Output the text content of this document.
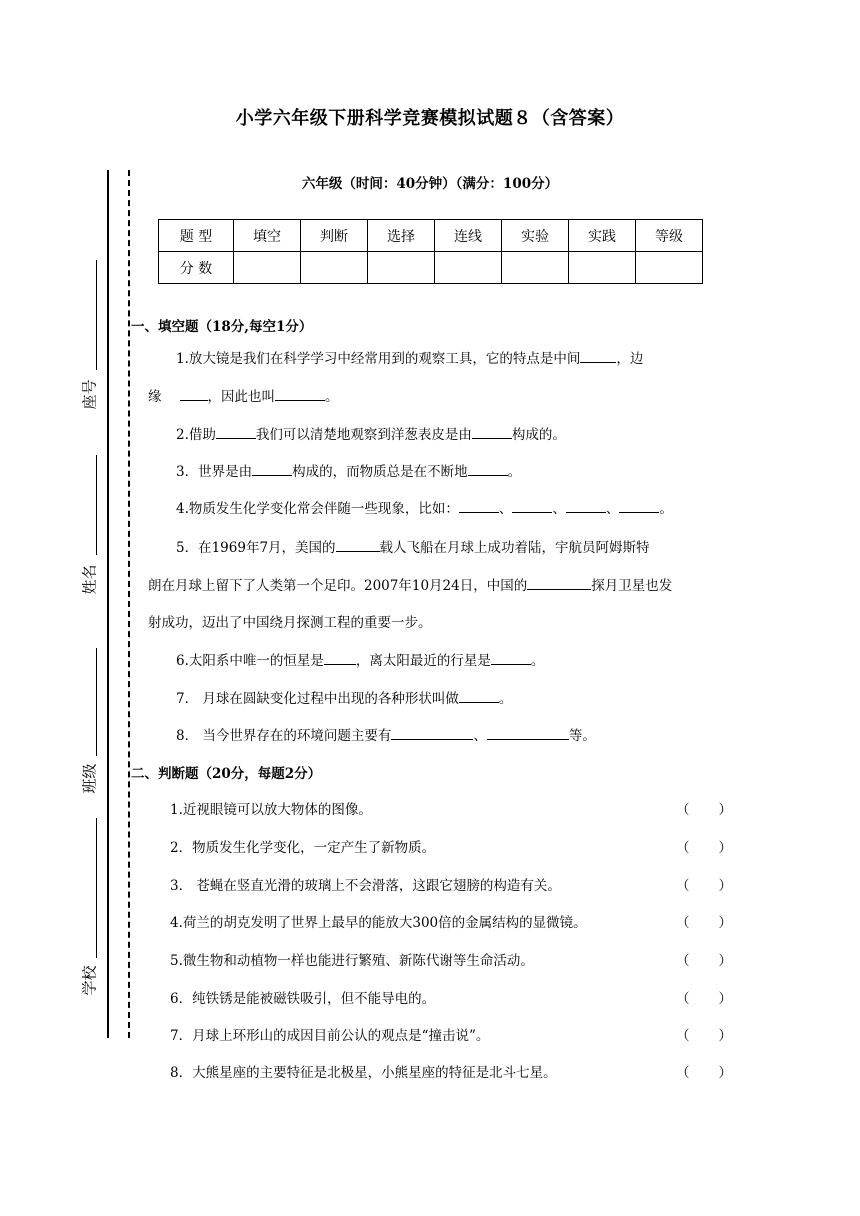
小学六年级下册科学竞赛模拟试题８（含答案）
座号
姓名
班级
学校
六年级（时间：40分钟）（满分：100分）
题 型	填空	判断	选择	连线	实验	实践	等级
分 数							
一、填空题（18分,每空1分）
1.放大镜是我们在科学学习中经常用到的观察工具，它的特点是中间	，边
缘	，因此也叫	。
2.借助	我们可以清楚地观察到洋葱表皮是由	构成的。
3．世界是由	构成的，而物质总是在不断地	。
4.物质发生化学变化常会伴随一些现象，比如：	、	、	、	。
5．在1969年7月，美国的	载人飞船在月球上成功着陆，宇航员阿姆斯特
朗在月球上留下了人类第一个足印。2007年10月24日，中国的	探月卫星也发
射成功，迈出了中国绕月探测工程的重要一步。
6.太阳系中唯一的恒星是 ，离太阳最近的行星是	。
7． 月球在圆缺变化过程中出现的各种形状叫做	。
8． 当今世界存在的环境问题主要有	、	等。
二、判断题（20分，每题2分）
1.近视眼镜可以放大物体的图像。	（ ）
2．物质发生化学变化，一定产生了新物质。	（ ）
3． 苍蝇在竖直光滑的玻璃上不会滑落，这跟它翅膀的构造有关。	（ ）
4.荷兰的胡克发明了世界上最早的能放大300倍的金属结构的显微镜。	（ ）
5.微生物和动植物一样也能进行繁殖、新陈代谢等生命活动。	（ ）
6．纯铁锈是能被磁铁吸引，但不能导电的。	（ ）
7．月球上环形山的成因目前公认的观点是“撞击说”。	（ ）
8．大熊星座的主要特征是北极星，小熊星座的特征是北斗七星。	（ ）
